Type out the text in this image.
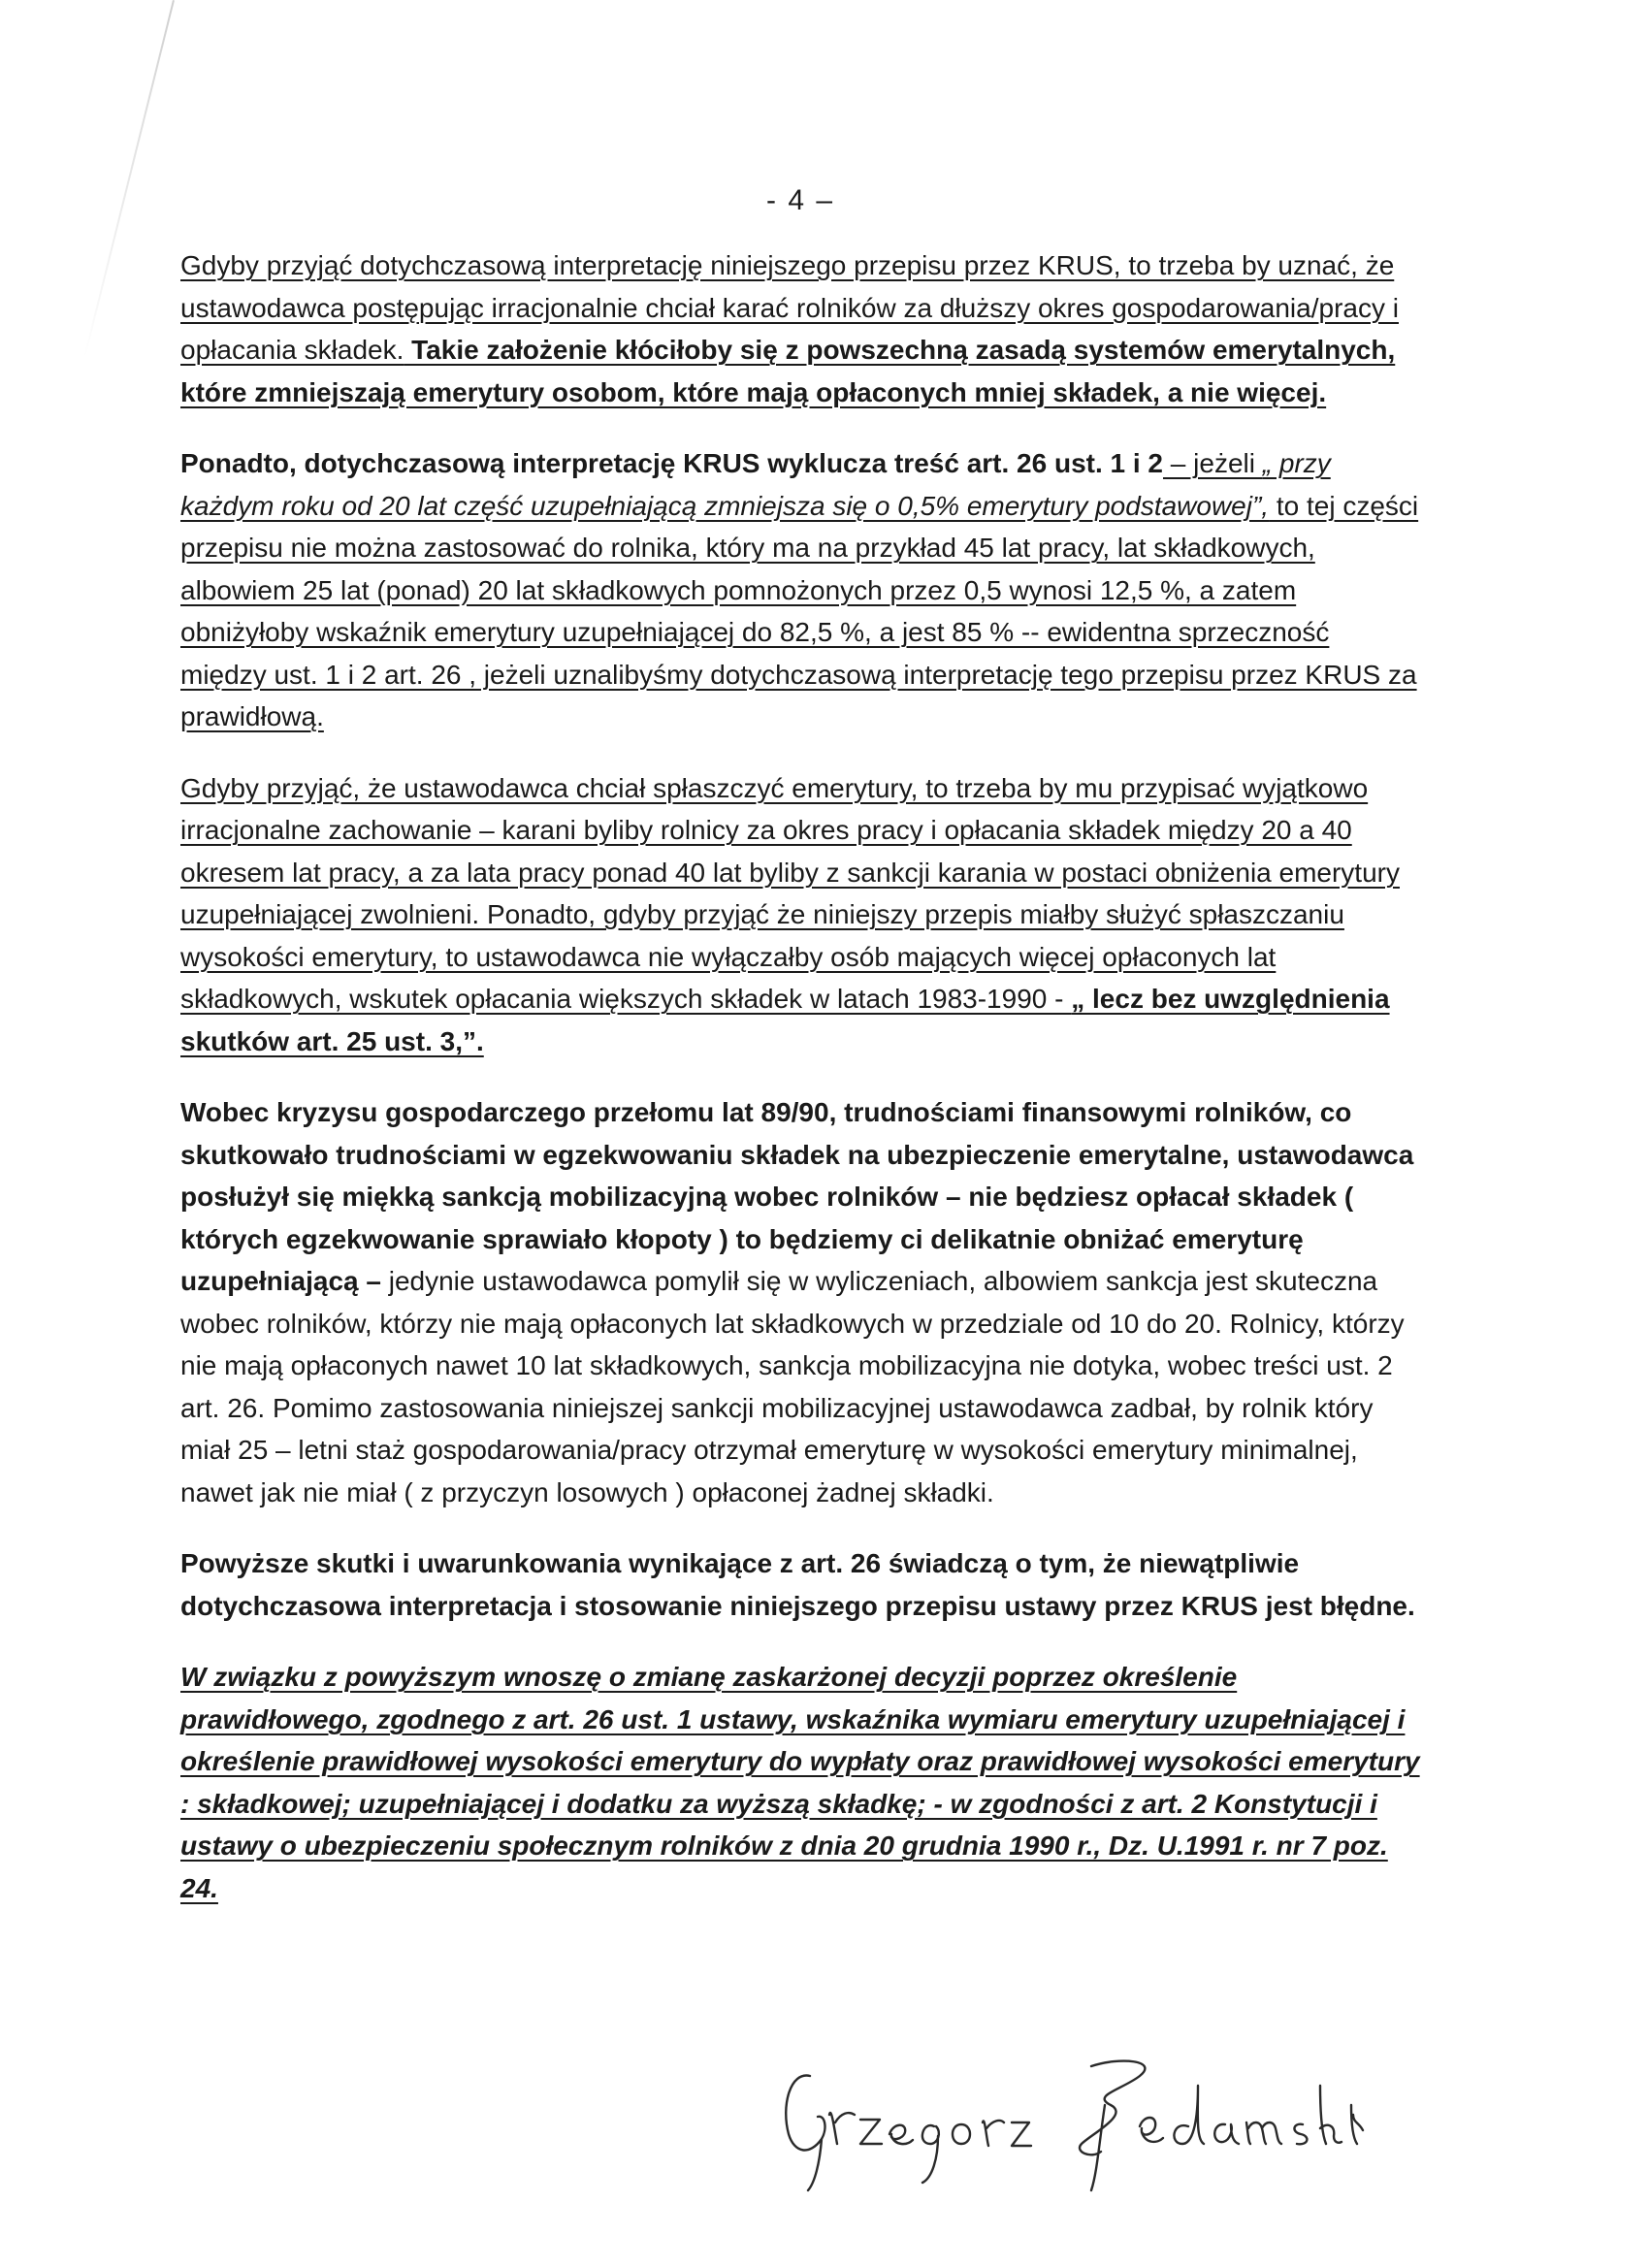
- 4 –

Gdyby przyjąć dotychczasową interpretację niniejszego przepisu przez KRUS, to trzeba by uznać, że ustawodawca postępując irracjonalnie chciał karać rolników za dłuższy okres gospodarowania/pracy i opłacania składek. Takie założenie kłóciłoby się z powszechną zasadą systemów emerytalnych, które zmniejszają emerytury osobom, które mają opłaconych mniej składek, a nie więcej.

Ponadto, dotychczasową interpretację KRUS wyklucza treść art. 26 ust. 1 i 2 – jeżeli „ przy każdym roku od 20 lat część uzupełniającą zmniejsza się o 0,5% emerytury podstawowej”, to tej części przepisu nie można zastosować do rolnika, który ma na przykład 45 lat pracy, lat składkowych, albowiem 25 lat (ponad) 20 lat składkowych pomnożonych przez 0,5 wynosi 12,5 %, a zatem obniżyłoby wskaźnik emerytury uzupełniającej do 82,5 %, a jest 85 % -- ewidentna sprzeczność między ust. 1 i 2 art. 26 , jeżeli uznalibyśmy dotychczasową interpretację tego przepisu przez KRUS za prawidłową.

Gdyby przyjąć, że ustawodawca chciał spłaszczyć emerytury, to trzeba by mu przypisać wyjątkowo irracjonalne zachowanie – karani byliby rolnicy za okres pracy i opłacania składek między 20 a 40 okresem lat pracy, a za lata pracy ponad 40 lat byliby z sankcji karania w postaci obniżenia emerytury uzupełniającej zwolnieni. Ponadto, gdyby przyjąć że niniejszy przepis miałby służyć spłaszczaniu wysokości emerytury, to ustawodawca nie wyłączałby osób mających więcej opłaconych lat składkowych, wskutek opłacania większych składek w latach 1983-1990 - „ lecz bez uwzględnienia skutków art. 25 ust. 3,”.

Wobec kryzysu gospodarczego przełomu lat 89/90, trudnościami finansowymi rolników, co skutkowało trudnościami w egzekwowaniu składek na ubezpieczenie emerytalne, ustawodawca posłużył się miękką sankcją mobilizacyjną wobec rolników – nie będziesz opłacał składek ( których egzekwowanie sprawiało kłopoty ) to będziemy ci delikatnie obniżać emeryturę uzupełniającą – jedynie ustawodawca pomylił się w wyliczeniach, albowiem sankcja jest skuteczna wobec rolników, którzy nie mają opłaconych lat składkowych w przedziale od 10 do 20. Rolnicy, którzy nie mają opłaconych nawet 10 lat składkowych, sankcja mobilizacyjna nie dotyka, wobec treści ust. 2 art. 26. Pomimo zastosowania niniejszej sankcji mobilizacyjnej ustawodawca zadbał, by rolnik który miał 25 – letni staż gospodarowania/pracy otrzymał emeryturę w wysokości emerytury minimalnej, nawet jak nie miał ( z przyczyn losowych ) opłaconej żadnej składki.

Powyższe skutki i uwarunkowania wynikające z art. 26 świadczą o tym, że niewątpliwie dotychczasowa interpretacja i stosowanie niniejszego przepisu ustawy przez KRUS jest błędne.

W związku z powyższym wnoszę o zmianę zaskarżonej decyzji poprzez określenie prawidłowego, zgodnego z art. 26 ust. 1 ustawy, wskaźnika wymiaru emerytury uzupełniającej i określenie prawidłowej wysokości emerytury do wypłaty oraz prawidłowej wysokości emerytury : składkowej; uzupełniającej i dodatku za wyższą składkę; - w zgodności z art. 2 Konstytucji i ustawy o ubezpieczeniu społecznym rolników z dnia 20 grudnia 1990 r., Dz. U.1991 r. nr 7 poz. 24.
